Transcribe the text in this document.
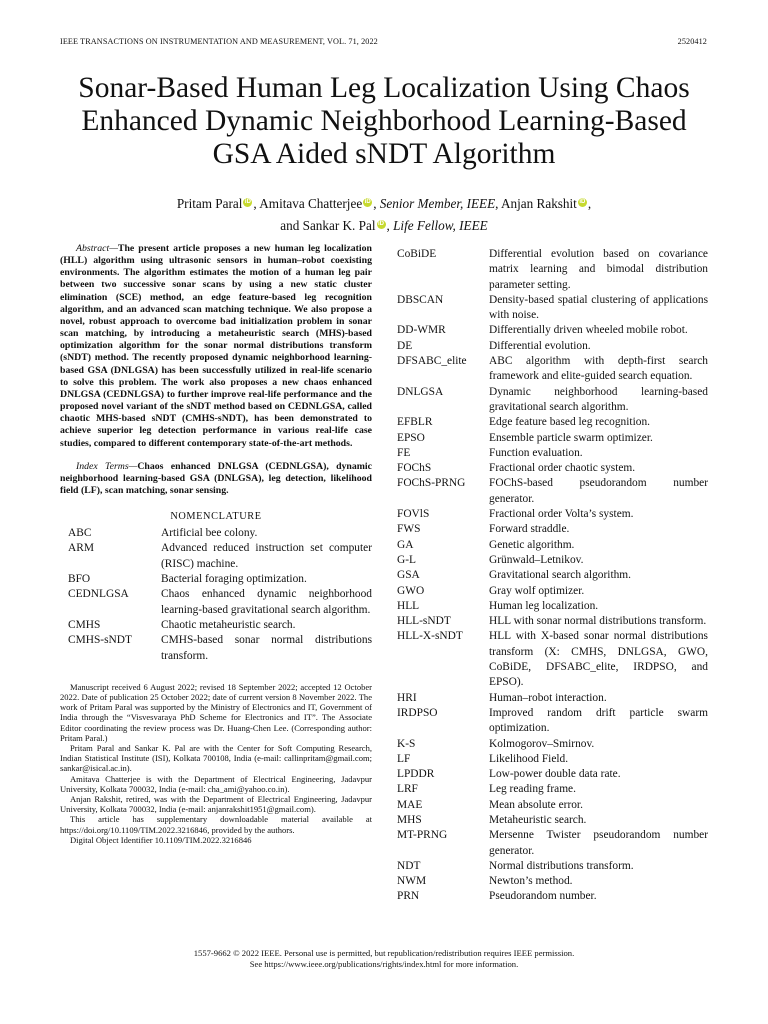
IEEE TRANSACTIONS ON INSTRUMENTATION AND MEASUREMENT, VOL. 71, 2022	2520412
Sonar-Based Human Leg Localization Using Chaos
Enhanced Dynamic Neighborhood Learning-Based
GSA Aided sNDT Algorithm
Pritam Paral iD , Amitava Chatterjee iD , Senior Member, IEEE, Anjan Rakshit iD ,
and Sankar K. Pal iD , Life Fellow, IEEE

Abstract—The present article proposes a new human leg localization (HLL) algorithm using ultrasonic sensors in human–robot coexisting environments. The algorithm estimates the motion of a human leg pair between two successive sonar scans by using a new static cluster elimination (SCE) method, an edge feature-based leg recognition algorithm, and an advanced scan matching technique. We also propose a novel, robust approach to overcome bad initialization problem in sonar scan matching, by introducing a metaheuristic search (MHS)-based optimization algorithm for the sonar normal distributions transform (sNDT) method. The recently proposed dynamic neighborhood learning-based GSA (DNLGSA) has been successfully utilized in real-life scenario to solve this problem. The work also proposes a new chaos enhanced DNLGSA (CEDNLGSA) to further improve real-life performance and the proposed novel variant of the sNDT method based on CEDNLGSA, called chaotic MHS-based sNDT (CMHS-sNDT), has been demonstrated to achieve superior leg detection performance in various real-life case studies, compared to different contemporary state-of-the-art methods.

Index Terms—Chaos enhanced DNLGSA (CEDNLGSA), dynamic neighborhood learning-based GSA (DNLGSA), leg detection, likelihood field (LF), scan matching, sonar sensing.

NOMENCLATURE
ABC	Artificial bee colony.
ARM	Advanced reduced instruction set computer (RISC) machine.
BFO	Bacterial foraging optimization.
CEDNLGSA	Chaos enhanced dynamic neighborhood learning-based gravitational search algorithm.
CMHS	Chaotic metaheuristic search.
CMHS-sNDT	CMHS-based sonar normal distributions transform.

Manuscript received 6 August 2022; revised 18 September 2022; accepted 12 October 2022. Date of publication 25 October 2022; date of current version 8 November 2022. The work of Pritam Paral was supported by the Ministry of Electronics and IT, Government of India through the “Visvesvaraya PhD Scheme for Electronics and IT”. The Associate Editor coordinating the review process was Dr. Huang-Chen Lee. (Corresponding author: Pritam Paral.)

Pritam Paral and Sankar K. Pal are with the Center for Soft Computing Research, Indian Statistical Institute (ISI), Kolkata 700108, India (e-mail: callinpritam@gmail.com; sankar@isical.ac.in).

Amitava Chatterjee is with the Department of Electrical Engineering, Jadavpur University, Kolkata 700032, India (e-mail: cha_ami@yahoo.co.in).

Anjan Rakshit, retired, was with the Department of Electrical Engineering, Jadavpur University, Kolkata 700032, India (e-mail: anjanrakshit1951@gmail.com).

This article has supplementary downloadable material available at https://doi.org/10.1109/TIM.2022.3216846, provided by the authors.

Digital Object Identifier 10.1109/TIM.2022.3216846

CoBiDE	Differential evolution based on covariance matrix learning and bimodal distribution parameter setting.
DBSCAN	Density-based spatial clustering of applications with noise.
DD-WMR	Differentially driven wheeled mobile robot.
DE	Differential evolution.
DFSABC_elite	ABC algorithm with depth-first search framework and elite-guided search equation.
DNLGSA	Dynamic neighborhood learning-based gravitational search algorithm.
EFBLR	Edge feature based leg recognition.
EPSO	Ensemble particle swarm optimizer.
FE	Function evaluation.
FOChS	Fractional order chaotic system.
FOChS-PRNG	FOChS-based pseudorandom number generator.
FOVlS	Fractional order Volta’s system.
FWS	Forward straddle.
GA	Genetic algorithm.
G-L	Grünwald–Letnikov.
GSA	Gravitational search algorithm.
GWO	Gray wolf optimizer.
HLL	Human leg localization.
HLL-sNDT	HLL with sonar normal distributions transform.
HLL-X-sNDT	HLL with X-based sonar normal distributions transform (X: CMHS, DNLGSA, GWO, CoBiDE, DFSABC_elite, IRDPSO, and EPSO).
HRI	Human–robot interaction.
IRDPSO	Improved random drift particle swarm optimization.
K-S	Kolmogorov–Smirnov.
LF	Likelihood Field.
LPDDR	Low-power double data rate.
LRF	Leg reading frame.
MAE	Mean absolute error.
MHS	Metaheuristic search.
MT-PRNG	Mersenne Twister pseudorandom number generator.
NDT	Normal distributions transform.
NWM	Newton’s method.
PRN	Pseudorandom number.
1557-9662 © 2022 IEEE. Personal use is permitted, but republication/redistribution requires IEEE permission.
See https://www.ieee.org/publications/rights/index.html for more information.
